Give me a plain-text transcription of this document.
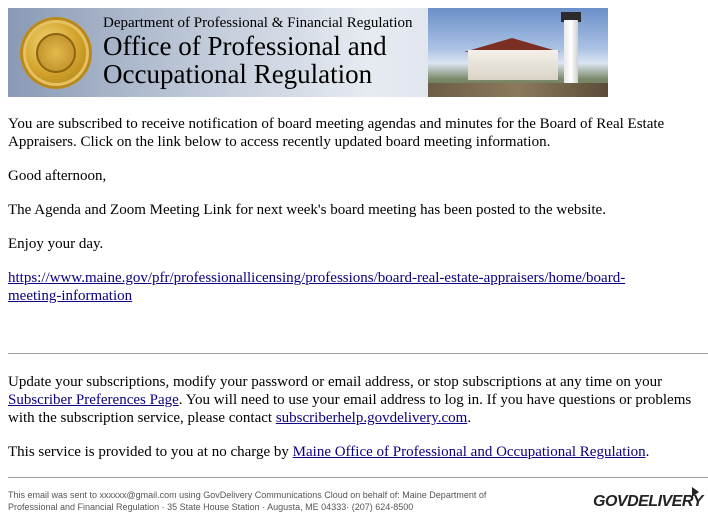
Department of Professional & Financial Regulation
Office of Professional and
Occupational Regulation

You are subscribed to receive notification of board meeting agendas and minutes for the Board of Real Estate Appraisers. Click on the link below to access recently updated board meeting information.

Good afternoon,

The Agenda and Zoom Meeting Link for next week's board meeting has been posted to the website.

Enjoy your day.

https://www.maine.gov/pfr/professionallicensing/professions/board-real-estate-appraisers/home/board-
meeting-information

Update your subscriptions, modify your password or email address, or stop subscriptions at any time on your Subscriber Preferences Page. You will need to use your email address to log in. If you have questions or problems with the subscription service, please contact subscriberhelp.govdelivery.com.

This service is provided to you at no charge by Maine Office of Professional and Occupational Regulation.

This email was sent to xxxxxx@gmail.com using GovDelivery Communications Cloud on behalf of: Maine Department of
Professional and Financial Regulation · 35 State House Station · Augusta, ME 04333· (207) 624-8500	GOVDELIVERY
